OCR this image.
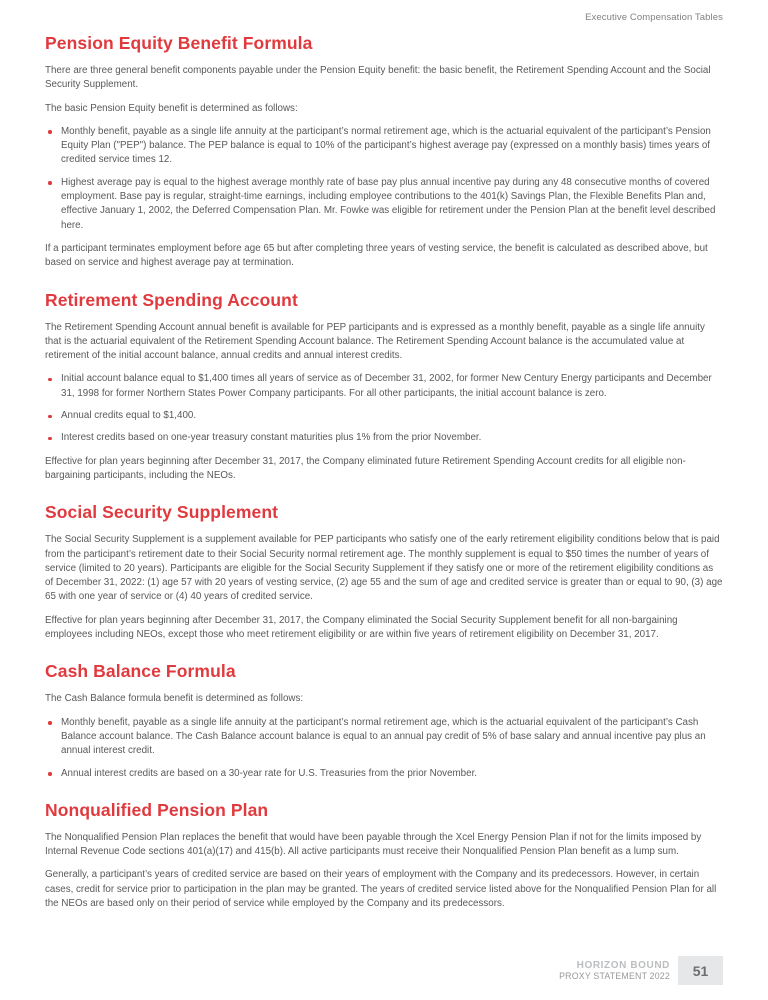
Executive Compensation Tables
Pension Equity Benefit Formula

There are three general benefit components payable under the Pension Equity benefit: the basic benefit, the Retirement Spending Account and the Social Security Supplement.

The basic Pension Equity benefit is determined as follows:

Monthly benefit, payable as a single life annuity at the participant’s normal retirement age, which is the actuarial equivalent of the participant’s Pension Equity Plan ("PEP") balance. The PEP balance is equal to 10% of the participant’s highest average pay (expressed on a monthly basis) times years of credited service times 12.
Highest average pay is equal to the highest average monthly rate of base pay plus annual incentive pay during any 48 consecutive months of covered employment. Base pay is regular, straight-time earnings, including employee contributions to the 401(k) Savings Plan, the Flexible Benefits Plan and, effective January 1, 2002, the Deferred Compensation Plan. Mr. Fowke was eligible for retirement under the Pension Plan at the benefit level described here.

If a participant terminates employment before age 65 but after completing three years of vesting service, the benefit is calculated as described above, but based on service and highest average pay at termination.

Retirement Spending Account

The Retirement Spending Account annual benefit is available for PEP participants and is expressed as a monthly benefit, payable as a single life annuity that is the actuarial equivalent of the Retirement Spending Account balance. The Retirement Spending Account balance is the accumulated value at retirement of the initial account balance, annual credits and annual interest credits.

Initial account balance equal to $1,400 times all years of service as of December 31, 2002, for former New Century Energy participants and December 31, 1998 for former Northern States Power Company participants. For all other participants, the initial account balance is zero.
Annual credits equal to $1,400.
Interest credits based on one-year treasury constant maturities plus 1% from the prior November.

Effective for plan years beginning after December 31, 2017, the Company eliminated future Retirement Spending Account credits for all eligible non-bargaining participants, including the NEOs.

Social Security Supplement

The Social Security Supplement is a supplement available for PEP participants who satisfy one of the early retirement eligibility conditions below that is paid from the participant’s retirement date to their Social Security normal retirement age. The monthly supplement is equal to $50 times the number of years of service (limited to 20 years). Participants are eligible for the Social Security Supplement if they satisfy one or more of the retirement eligibility conditions as of December 31, 2022: (1) age 57 with 20 years of vesting service, (2) age 55 and the sum of age and credited service is greater than or equal to 90, (3) age 65 with one year of service or (4) 40 years of credited service.

Effective for plan years beginning after December 31, 2017, the Company eliminated the Social Security Supplement benefit for all non-bargaining employees including NEOs, except those who meet retirement eligibility or are within five years of retirement eligibility on December 31, 2017.

Cash Balance Formula

The Cash Balance formula benefit is determined as follows:

Monthly benefit, payable as a single life annuity at the participant’s normal retirement age, which is the actuarial equivalent of the participant’s Cash Balance account balance. The Cash Balance account balance is equal to an annual pay credit of 5% of base salary and annual incentive pay plus an annual interest credit.
Annual interest credits are based on a 30-year rate for U.S. Treasuries from the prior November.
Nonqualified Pension Plan

The Nonqualified Pension Plan replaces the benefit that would have been payable through the Xcel Energy Pension Plan if not for the limits imposed by Internal Revenue Code sections 401(a)(17) and 415(b). All active participants must receive their Nonqualified Pension Plan benefit as a lump sum.

Generally, a participant’s years of credited service are based on their years of employment with the Company and its predecessors. However, in certain cases, credit for service prior to participation in the plan may be granted. The years of credited service listed above for the Nonqualified Pension Plan for all the NEOs are based only on their period of service while employed by the Company and its predecessors.

HORIZON BOUND
PROXY STATEMENT 2022 51
